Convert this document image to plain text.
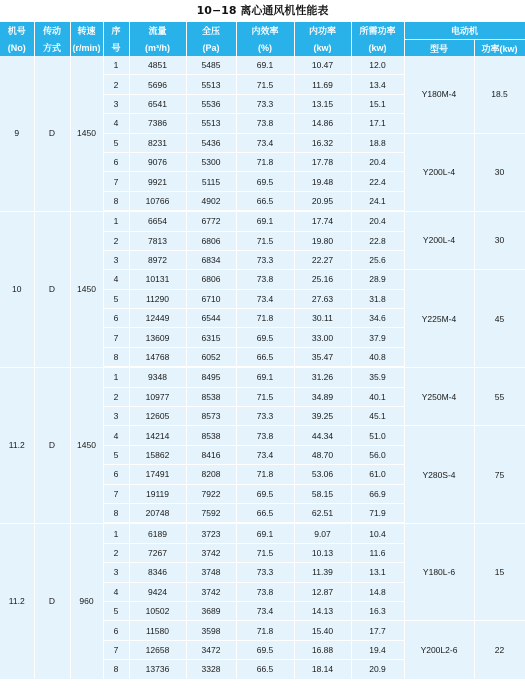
10−18 离心通风机性能表
机号	传动	转速	序	流量	全压	内效率	内功率	所需功率	电动机	
(No)	方式	(r/min)	号	(m³/h)	(Pa)	(%)	(kw)	(kw)	型号	功率(kw)
9	D	1450	1	4851	5485	69.1	10.47	12.0	Y180M-4	18.5
			2	5696	5513	71.5	11.69	13.4		
			3	6541	5536	73.3	13.15	15.1		
			4	7386	5513	73.8	14.86	17.1		
			5	8231	5436	73.4	16.32	18.8	Y200L-4	30
			6	9076	5300	71.8	17.78	20.4		
			7	9921	5115	69.5	19.48	22.4		
			8	10766	4902	66.5	20.95	24.1		
10	D	1450	1	6654	6772	69.1	17.74	20.4	Y200L-4	30
			2	7813	6806	71.5	19.80	22.8		
			3	8972	6834	73.3	22.27	25.6		
			4	10131	6806	73.8	25.16	28.9	Y225M-4	45
			5	11290	6710	73.4	27.63	31.8		
			6	12449	6544	71.8	30.11	34.6		
			7	13609	6315	69.5	33.00	37.9		
			8	14768	6052	66.5	35.47	40.8		
11.2	D	1450	1	9348	8495	69.1	31.26	35.9	Y250M-4	55
			2	10977	8538	71.5	34.89	40.1		
			3	12605	8573	73.3	39.25	45.1		
			4	14214	8538	73.8	44.34	51.0	Y280S-4	75
			5	15862	8416	73.4	48.70	56.0		
			6	17491	8208	71.8	53.06	61.0		
			7	19119	7922	69.5	58.15	66.9		
			8	20748	7592	66.5	62.51	71.9		
11.2	D	960	1	6189	3723	69.1	9.07	10.4	Y180L-6	15
			2	7267	3742	71.5	10.13	11.6		
			3	8346	3748	73.3	11.39	13.1		
			4	9424	3742	73.8	12.87	14.8		
			5	10502	3689	73.4	14.13	16.3		
			6	11580	3598	71.8	15.40	17.7	Y200L2-6	22
			7	12658	3472	69.5	16.88	19.4		
			8	13736	3328	66.5	18.14	20.9		
